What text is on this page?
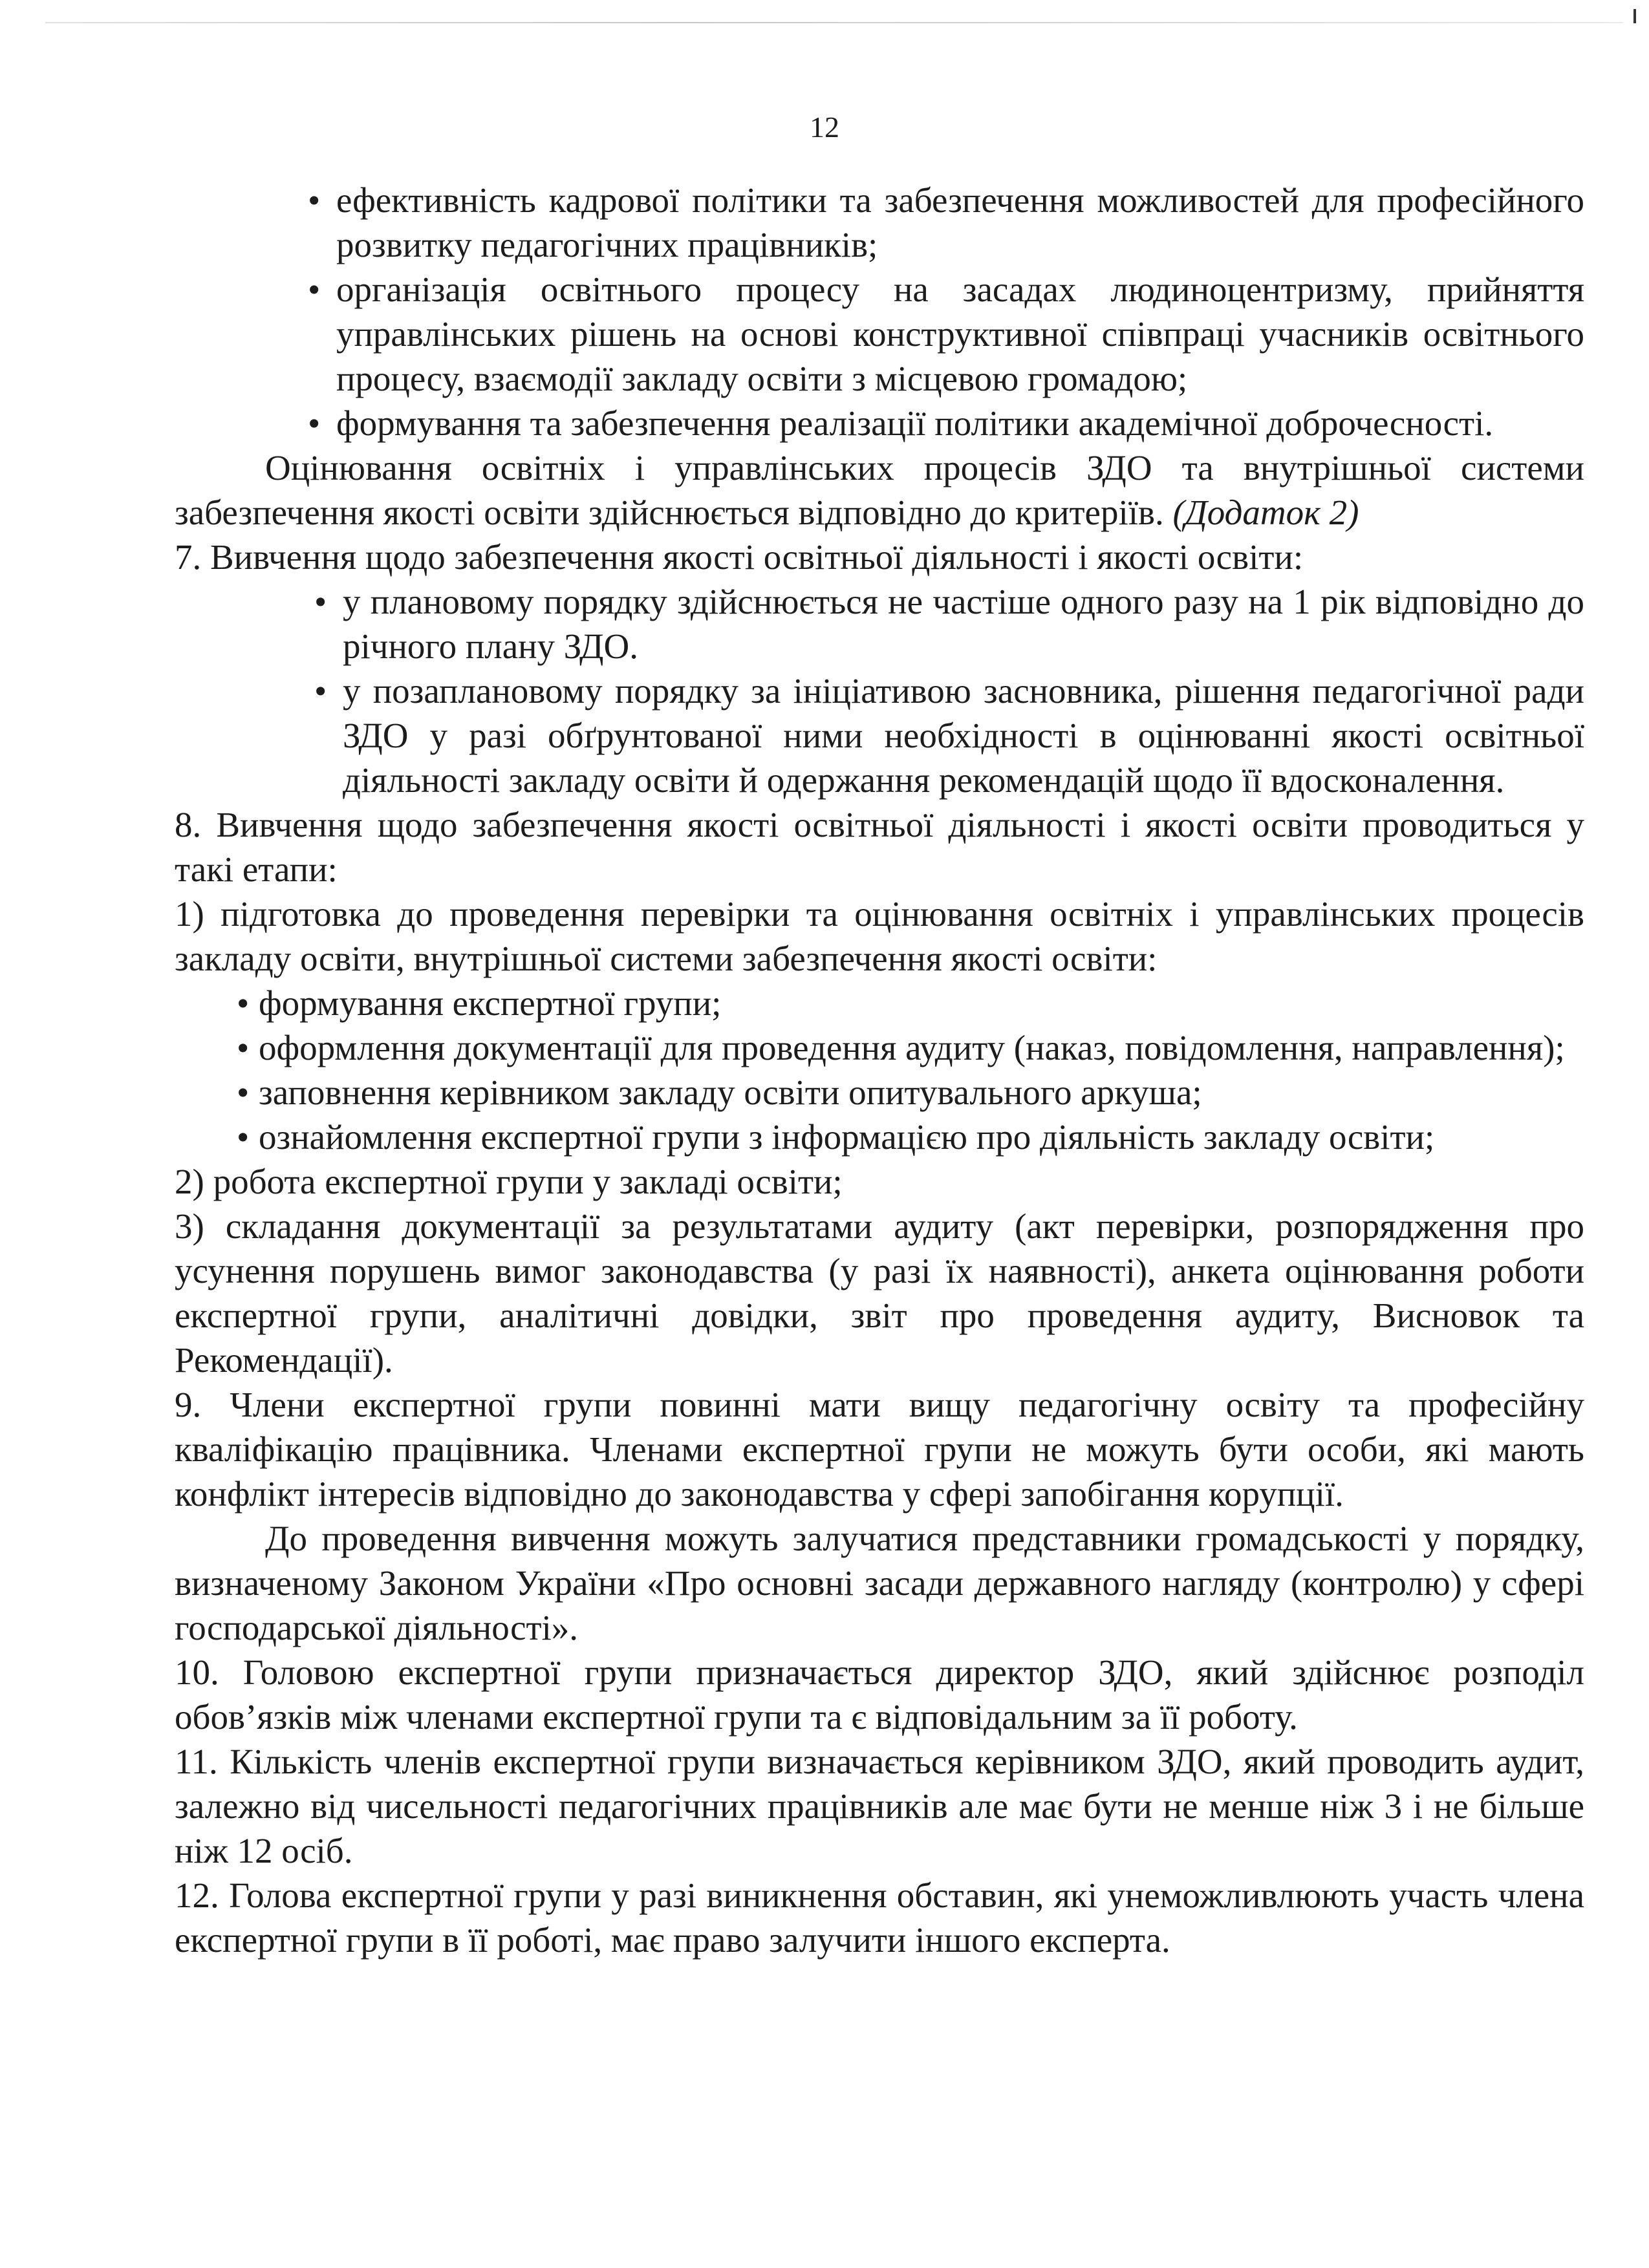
12
• ефективність кадрової політики та забезпечення можливостей для професійного розвитку педагогічних працівників;
• організація освітнього процесу на засадах людиноцентризму, прийняття управлінських рішень на основі конструктивної співпраці учасників освітнього процесу, взаємодії закладу освіти з місцевою громадою;
• формування та забезпечення реалізації політики академічної доброчесності.

Оцінювання освітніх і управлінських процесів ЗДО та внутрішньої системи забезпечення якості освіти здійснюється відповідно до критеріїв. (Додаток 2)

7. Вивчення щодо забезпечення якості освітньої діяльності і якості освіти:

• у плановому порядку здійснюється не частіше одного разу на 1 рік відповідно до річного плану ЗДО.
• у позаплановому порядку за ініціативою засновника, рішення педагогічної ради ЗДО у разі обґрунтованої ними необхідності в оцінюванні якості освітньої діяльності закладу освіти й одержання рекомендацій щодо її вдосконалення.

8. Вивчення щодо забезпечення якості освітньої діяльності і якості освіти проводиться у такі етапи:

1) підготовка до проведення перевірки та оцінювання освітніх і управлінських процесів закладу освіти, внутрішньої системи забезпечення якості освіти:

• формування експертної групи;
• оформлення документації для проведення аудиту (наказ, повідомлення, направлення);
• заповнення керівником закладу освіти опитувального аркуша;
• ознайомлення експертної групи з інформацією про діяльність закладу освіти;

2) робота експертної групи у закладі освіти;

3) складання документації за результатами аудиту (акт перевірки, розпорядження про усунення порушень вимог законодавства (у разі їх наявності), анкета оцінювання роботи експертної групи, аналітичні довідки, звіт про проведення аудиту, Висновок та Рекомендації).

9. Члени експертної групи повинні мати вищу педагогічну освіту та професійну кваліфікацію працівника. Членами експертної групи не можуть бути особи, які мають конфлікт інтересів відповідно до законодавства у сфері запобігання корупції.

До проведення вивчення можуть залучатися представники громадськості у порядку, визначеному Законом України «Про основні засади державного нагляду (контролю) у сфері господарської діяльності».

10. Головою експертної групи призначається директор ЗДО, який здійснює розподіл обов’язків між членами експертної групи та є відповідальним за її роботу.

11. Кількість членів експертної групи визначається керівником ЗДО, який проводить аудит, залежно від чисельності педагогічних працівників але має бути не менше ніж 3 і не більше ніж 12 осіб.

12. Голова експертної групи у разі виникнення обставин, які унеможливлюють участь члена експертної групи в її роботі, має право залучити іншого експерта.
